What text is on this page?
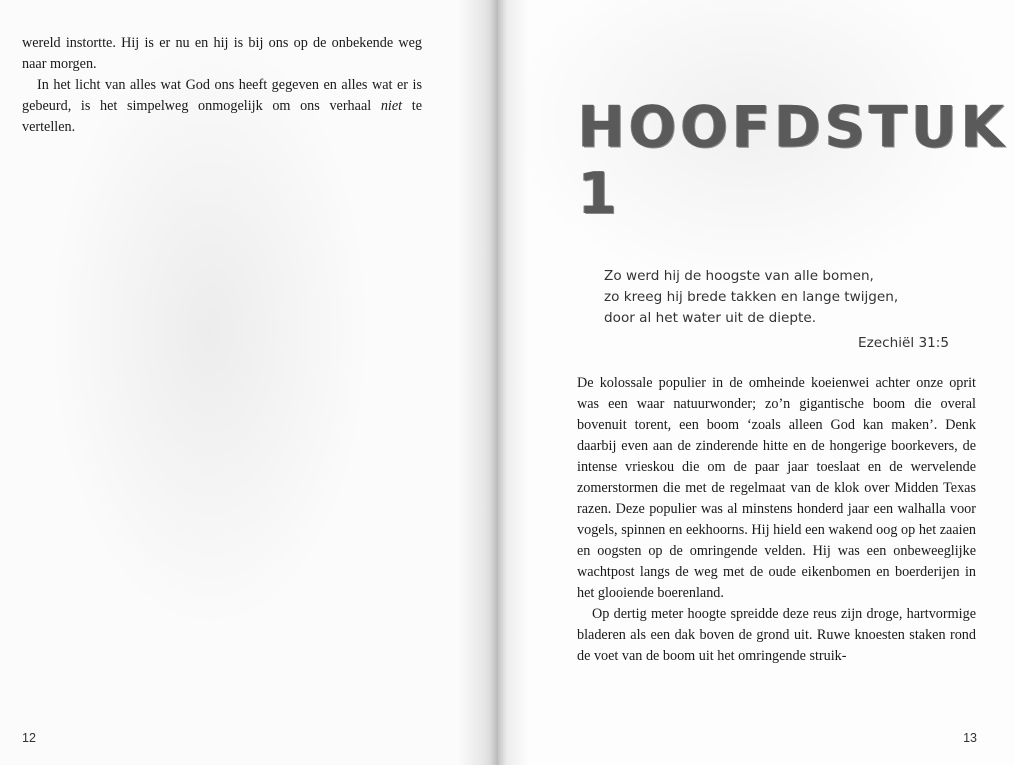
wereld instortte. Hij is er nu en hij is bij ons op de onbekende weg naar morgen.

In het licht van alles wat God ons heeft gegeven en alles wat er is gebeurd, is het simpelweg onmogelijk om ons verhaal niet te vertellen.

12
HOOFDSTUK 1

Zo werd hij de hoogste van alle bomen,

zo kreeg hij brede takken en lange twijgen,

door al het water uit de diepte.

Ezechiël 31:5

De kolossale populier in de omheinde koeienwei achter onze oprit was een waar natuurwonder; zo’n gigantische boom die overal bovenuit torent, een boom ‘zoals alleen God kan maken’. Denk daarbij even aan de zinderende hitte en de hongerige boorkevers, de intense vrieskou die om de paar jaar toeslaat en de wervelende zomerstormen die met de regelmaat van de klok over Midden Texas razen. Deze populier was al minstens honderd jaar een walhalla voor vogels, spinnen en eekhoorns. Hij hield een wakend oog op het zaaien en oogsten op de omringende velden. Hij was een onbeweeglijke wachtpost langs de weg met de oude eikenbomen en boerderijen in het glooiende boerenland.

Op dertig meter hoogte spreidde deze reus zijn droge, hartvormige bladeren als een dak boven de grond uit. Ruwe knoesten staken rond de voet van de boom uit het omringende struik-

13
